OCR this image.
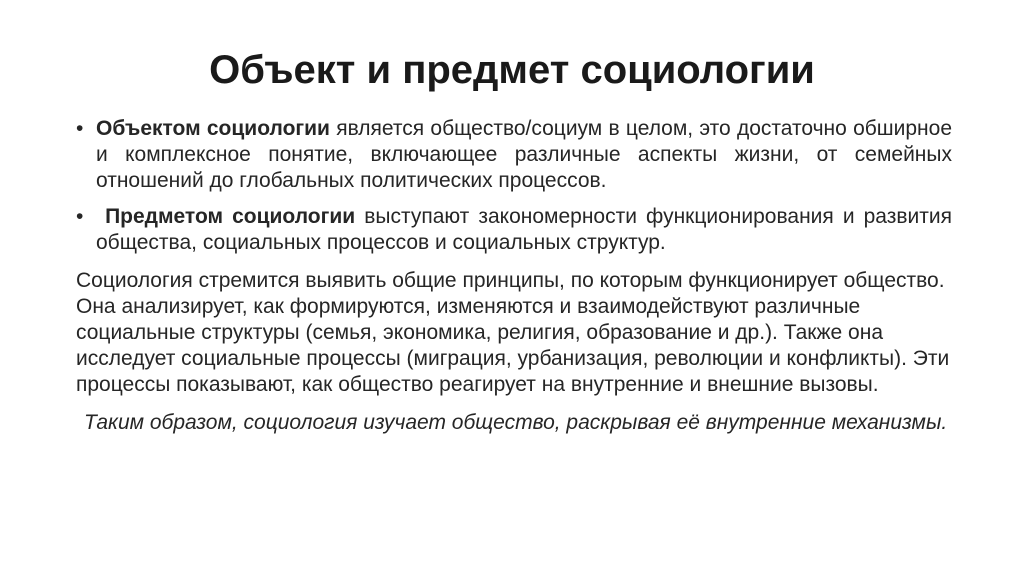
Объект и предмет социологии
• Объектом социологии является общество/социум в целом, это достаточно обширное и комплексное понятие, включающее различные аспекты жизни, от семейных отношений до глобальных политических процессов.
• Предметом социологии выступают закономерности функционирования и развития общества, социальных процессов и социальных структур.
Социология стремится выявить общие принципы, по которым функционирует общество. Она анализирует, как формируются, изменяются и взаимодействуют различные социальные структуры (семья, экономика, религия, образование и др.). Также она исследует социальные процессы (миграция, урбанизация, революции и конфликты). Эти процессы показывают, как общество реагирует на внутренние и внешние вызовы.
Таким образом, социология изучает общество, раскрывая её внутренние механизмы.
